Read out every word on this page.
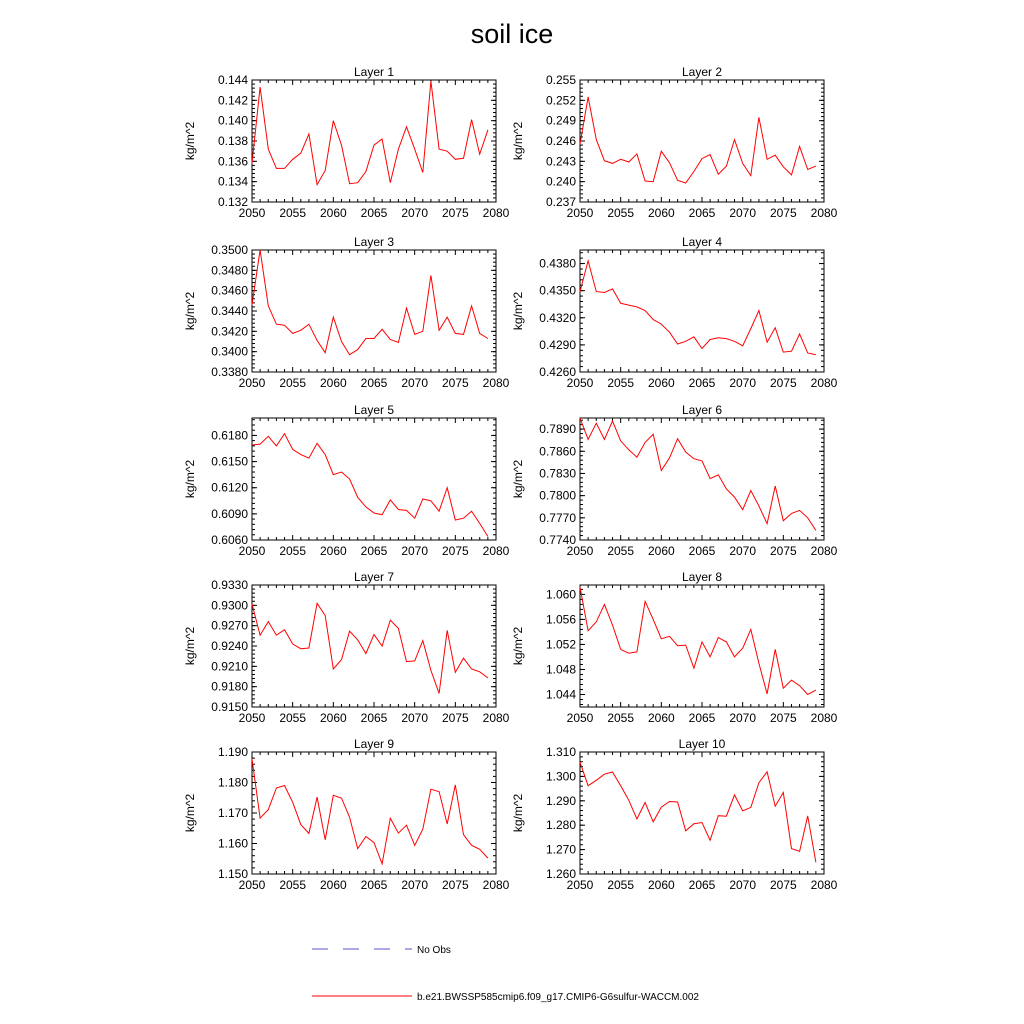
soil ice
Layer 1
2050 2055 2060 2065 2070 2075 2080
0.132
0.134
0.136
0.138
0.140
0.142
0.144
kg/m^2
Layer 2
2050 2055 2060 2065 2070 2075 2080
0.237
0.240
0.243
0.246
0.249
0.252
0.255
kg/m^2
Layer 3
2050 2055 2060 2065 2070 2075 2080
0.3380
0.3400
0.3420
0.3440
0.3460
0.3480
0.3500
kg/m^2
Layer 4
2050 2055 2060 2065 2070 2075 2080
0.4260
0.4290
0.4320
0.4350
0.4380
kg/m^2
Layer 5
2050 2055 2060 2065 2070 2075 2080
0.6060
0.6090
0.6120
0.6150
0.6180
kg/m^2
Layer 6
2050 2055 2060 2065 2070 2075 2080
0.7740
0.7770
0.7800
0.7830
0.7860
0.7890
kg/m^2
Layer 7
2050 2055 2060 2065 2070 2075 2080
0.9150
0.9180
0.9210
0.9240
0.9270
0.9300
0.9330
kg/m^2
Layer 8
2050 2055 2060 2065 2070 2075 2080
1.044
1.048
1.052
1.056
1.060
kg/m^2
Layer 9
2050 2055 2060 2065 2070 2075 2080
1.150
1.160
1.170
1.180
1.190
kg/m^2
Layer 10
2050 2055 2060 2065 2070 2075 2080
1.260
1.270
1.280
1.290
1.300
1.310
kg/m^2
No Obs
b.e21.BWSSP585cmip6.f09_g17.CMIP6-G6sulfur-WACCM.002
